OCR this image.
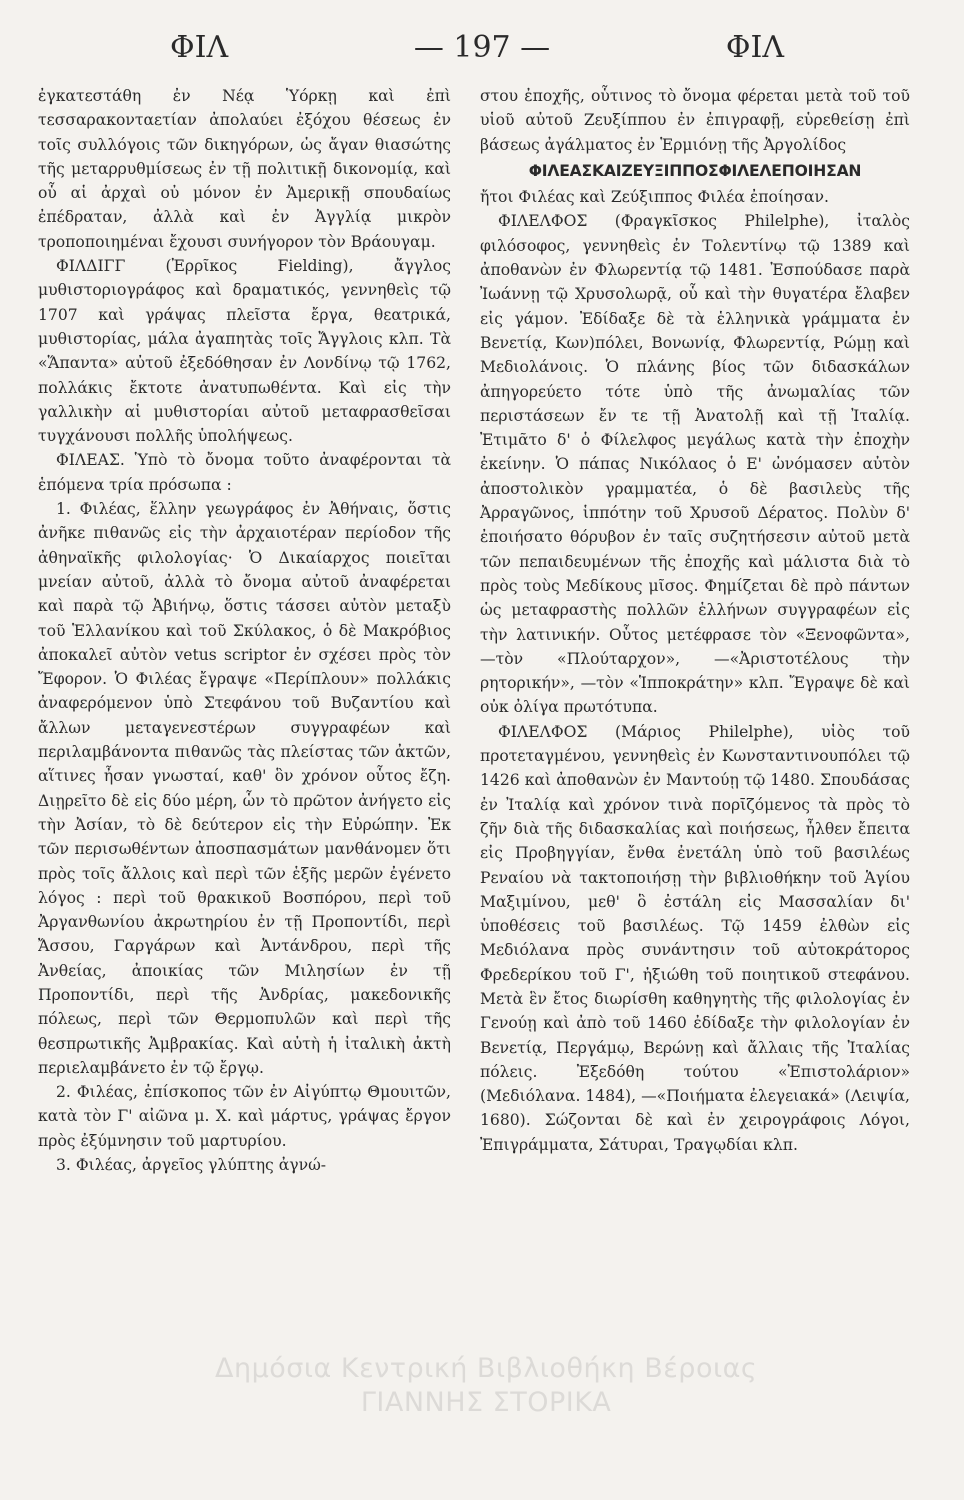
ΦΙΛ	— 197 —	ΦΙΛ

ἐγκατεστάθη ἐν Νέᾳ Ὑόρκῃ καὶ ἐπὶ τεσσαρακονταετίαν ἀπολαύει ἐξόχου θέσεως ἐν τοῖς συλλόγοις τῶν δικηγόρων, ὡς ἄγαν θιασώτης τῆς μεταρρυθμίσεως ἐν τῇ πολιτικῇ δικονομίᾳ, καὶ οὗ αἱ ἀρχαὶ οὐ μόνον ἐν Ἀμερικῇ σπουδαίως ἐπέδραταν, ἀλλὰ καὶ ἐν Ἀγγλίᾳ μικρὸν τροποποιημέναι ἔχουσι συνήγορον τὸν Βράουγαμ.

ΦΙΛΔΙΓΓ (Ἐρρῖκος Fielding), ἄγγλος μυθιστοριογράφος καὶ δραματικός, γεννηθεὶς τῷ 1707 καὶ γράψας πλεῖστα ἔργα, θεατρικά, μυθιστορίας, μάλα ἀγαπητὰς τοῖς Ἄγγλοις κλπ. Τὰ «Ἅπαντα» αὐτοῦ ἐξεδόθησαν ἐν Λονδίνῳ τῷ 1762, πολλάκις ἔκτοτε ἀνατυπωθέντα. Καὶ εἰς τὴν γαλλικὴν αἱ μυθιστορίαι αὐτοῦ μεταφρασθεῖσαι τυγχάνουσι πολλῆς ὑπολήψεως.

ΦΙΛΕΑΣ. Ὑπὸ τὸ ὄνομα τοῦτο ἀναφέρονται τὰ ἑπόμενα τρία πρόσωπα :

1. Φιλέας, ἕλλην γεωγράφος ἐν Ἀθήναις, ὅστις ἀνῆκε πιθανῶς εἰς τὴν ἀρχαιοτέραν περίοδον τῆς ἀθηναϊκῆς φιλολογίας· Ὁ Δικαίαρχος ποιεῖται μνείαν αὐτοῦ, ἀλλὰ τὸ ὄνομα αὐτοῦ ἀναφέρεται καὶ παρὰ τῷ Ἀβιήνῳ, ὅστις τάσσει αὐτὸν μεταξὺ τοῦ Ἑλλανίκου καὶ τοῦ Σκύλακος, ὁ δὲ Μακρόβιος ἀποκαλεῖ αὐτὸν vetus scriptor ἐν σχέσει πρὸς τὸν Ἔφορον. Ὁ Φιλέας ἔγραψε «Περίπλουν» πολλάκις ἀναφερόμενον ὑπὸ Στεφάνου τοῦ Βυζαντίου καὶ ἄλλων μεταγενεστέρων συγγραφέων καὶ περιλαμβάνοντα πιθανῶς τὰς πλείστας τῶν ἀκτῶν, αἵτινες ἦσαν γνωσταί, καθ' ὃν χρόνον οὗτος ἔζη. Διῃρεῖτο δὲ εἰς δύο μέρη, ὧν τὸ πρῶτον ἀνήγετο εἰς τὴν Ἀσίαν, τὸ δὲ δεύτερον εἰς τὴν Εὐρώπην. Ἐκ τῶν περισωθέντων ἀποσπασμάτων μανθάνομεν ὅτι πρὸς τοῖς ἄλλοις καὶ περὶ τῶν ἑξῆς μερῶν ἐγένετο λόγος : περὶ τοῦ θρακικοῦ Βοσπόρου, περὶ τοῦ Ἀργανθωνίου ἀκρωτηρίου ἐν τῇ Προποντίδι, περὶ Ἄσσου, Γαργάρων καὶ Ἀντάνδρου, περὶ τῆς Ἀνθείας, ἀποικίας τῶν Μιλησίων ἐν τῇ Προποντίδι, περὶ τῆς Ἀνδρίας, μακεδονικῆς πόλεως, περὶ τῶν Θερμοπυλῶν καὶ περὶ τῆς θεσπρωτικῆς Ἀμβρακίας. Καὶ αὐτὴ ἡ ἰταλικὴ ἀκτὴ περιελαμβάνετο ἐν τῷ ἔργῳ.

2. Φιλέας, ἐπίσκοπος τῶν ἐν Αἰγύπτῳ Θμουιτῶν, κατὰ τὸν Γ' αἰῶνα μ. Χ. καὶ μάρτυς, γράψας ἔργον πρὸς ἐξύμνησιν τοῦ μαρτυρίου.

3. Φιλέας, ἀργεῖος γλύπτης ἀγνώ-

στου ἐποχῆς, οὗτινος τὸ ὄνομα φέρεται μετὰ τοῦ τοῦ υἱοῦ αὐτοῦ Ζευξίππου ἐν ἐπιγραφῇ, εὑρεθείσῃ ἐπὶ βάσεως ἀγάλματος ἐν Ἑρμιόνῃ τῆς Ἀργολίδος

ΦΙΛΕΑΣΚΑΙΖΕΥΞΙΠΠΟΣΦΙΛΕΛΕΠΟΙΗΣΑΝ

ἤτοι Φιλέας καὶ Ζεύξιππος Φιλέα ἐποίησαν.

ΦΙΛΕΛΦΟΣ (Φραγκῖσκος Philelphe), ἰταλὸς φιλόσοφος, γεννηθεὶς ἐν Τολεντίνῳ τῷ 1389 καὶ ἀποθανὼν ἐν Φλωρεντίᾳ τῷ 1481. Ἐσπούδασε παρὰ Ἰωάννῃ τῷ Χρυσολωρᾷ, οὗ καὶ τὴν θυγατέρα ἔλαβεν εἰς γάμον. Ἐδίδαξε δὲ τὰ ἑλληνικὰ γράμματα ἐν Βενετίᾳ, Κων)πόλει, Βονωνίᾳ, Φλωρεντίᾳ, Ρώμῃ καὶ Μεδιολάνοις. Ὁ πλάνης βίος τῶν διδασκάλων ἀπηγορεύετο τότε ὑπὸ τῆς ἀνωμαλίας τῶν περιστάσεων ἔν τε τῇ Ἀνατολῇ καὶ τῇ Ἰταλίᾳ. Ἐτιμᾶτο δ' ὁ Φίλελφος μεγάλως κατὰ τὴν ἐποχὴν ἐκείνην. Ὁ πάπας Νικόλαος ὁ Ε' ὠνόμασεν αὐτὸν ἀποστολικὸν γραμματέα, ὁ δὲ βασιλεὺς τῆς Ἀρραγῶνος, ἱππότην τοῦ Χρυσοῦ Δέρατος. Πολὺν δ' ἐποιήσατο θόρυβον ἐν ταῖς συζητήσεσιν αὐτοῦ μετὰ τῶν πεπαιδευμένων τῆς ἐποχῆς καὶ μάλιστα διὰ τὸ πρὸς τοὺς Μεδίκους μῖσος. Φημίζεται δὲ πρὸ πάντων ὡς μεταφραστὴς πολλῶν ἑλλήνων συγγραφέων εἰς τὴν λατινικήν. Οὗτος μετέφρασε τὸν «Ξενοφῶντα», —τὸν «Πλούταρχον», —«Ἀριστοτέλους τὴν ρητορικήν», —τὸν «Ἱπποκράτην» κλπ. Ἔγραψε δὲ καὶ οὐκ ὀλίγα πρωτότυπα.

ΦΙΛΕΛΦΟΣ (Μάριος Philelphe), υἱὸς τοῦ προτεταγμένου, γεννηθεὶς ἐν Κωνσταντινουπόλει τῷ 1426 καὶ ἀποθανὼν ἐν Μαντούῃ τῷ 1480. Σπουδάσας ἐν Ἰταλίᾳ καὶ χρόνον τινὰ πορῑζόμενος τὰ πρὸς τὸ ζῆν διὰ τῆς διδασκαλίας καὶ ποιήσεως, ἦλθεν ἔπειτα εἰς Προβηγγίαν, ἔνθα ἐνετάλη ὑπὸ τοῦ βασιλέως Ρεναίου νὰ τακτοποιήσῃ τὴν βιβλιοθήκην τοῦ Ἁγίου Μαξιμίνου, μεθ' ὃ ἐστάλη εἰς Μασσαλίαν δι' ὑποθέσεις τοῦ βασιλέως. Τῷ 1459 ἐλθὼν εἰς Μεδιόλανα πρὸς συνάντησιν τοῦ αὐτοκράτορος Φρεδερίκου τοῦ Γ', ἠξιώθη τοῦ ποιητικοῦ στεφάνου. Μετὰ ἓν ἔτος διωρίσθη καθηγητὴς τῆς φιλολογίας ἐν Γενούῃ καὶ ἀπὸ τοῦ 1460 ἐδίδαξε τὴν φιλολογίαν ἐν Βενετίᾳ, Περγάμῳ, Βερώνῃ καὶ ἄλλαις τῆς Ἰταλίας πόλεις. Ἐξεδόθη τούτου «Ἐπιστολάριον» (Μεδιόλανα. 1484), —«Ποιήματα ἐλεγειακά» (Λειψία, 1680). Σώζονται δὲ καὶ ἐν χειρογράφοις Λόγοι, Ἐπιγράμματα, Σάτυραι, Τραγῳδίαι κλπ.

Δημόσια Κεντρική Βιβλιοθήκη Βέροιας
ΓΙΑΝΝΗΣ ΣΤΟΡΙΚΑ
